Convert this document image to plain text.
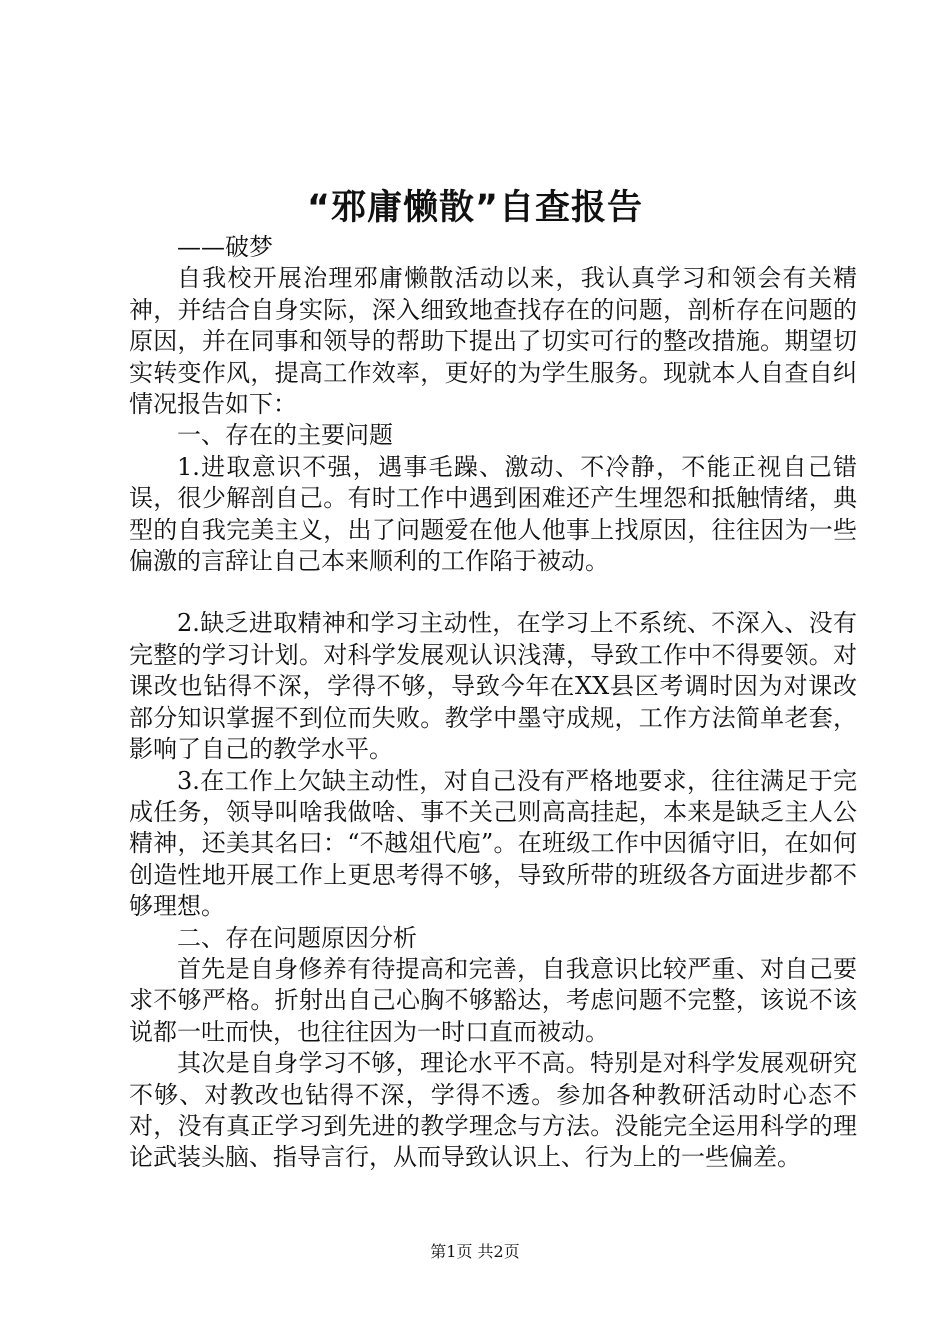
“邪庸懒散”自查报告

——破梦

自我校开展治理邪庸懒散活动以来，我认真学习和领会有关精神，并结合自身实际，深入细致地查找存在的问题，剖析存在问题的原因，并在同事和领导的帮助下提出了切实可行的整改措施。期望切实转变作风，提高工作效率，更好的为学生服务。现就本人自查自纠情况报告如下：

一、存在的主要问题

1.进取意识不强，遇事毛躁、激动、不冷静，不能正视自己错误，很少解剖自己。有时工作中遇到困难还产生埋怨和抵触情绪，典型的自我完美主义，出了问题爱在他人他事上找原因，往往因为一些偏激的言辞让自己本来顺利的工作陷于被动。

2.缺乏进取精神和学习主动性，在学习上不系统、不深入、没有完整的学习计划。对科学发展观认识浅薄，导致工作中不得要领。对课改也钻得不深，学得不够，导致今年在XX县区考调时因为对课改部分知识掌握不到位而失败。教学中墨守成规，工作方法简单老套，影响了自己的教学水平。

3.在工作上欠缺主动性，对自己没有严格地要求，往往满足于完成任务，领导叫啥我做啥、事不关己则高高挂起，本来是缺乏主人公精神，还美其名曰：“不越俎代庖”。在班级工作中因循守旧，在如何创造性地开展工作上更思考得不够，导致所带的班级各方面进步都不够理想。

二、存在问题原因分析

首先是自身修养有待提高和完善，自我意识比较严重、对自己要求不够严格。折射出自己心胸不够豁达，考虑问题不完整，该说不该说都一吐而快，也往往因为一时口直而被动。

其次是自身学习不够，理论水平不高。特别是对科学发展观研究不够、对教改也钻得不深，学得不透。参加各种教研活动时心态不对，没有真正学习到先进的教学理念与方法。没能完全运用科学的理论武装头脑、指导言行，从而导致认识上、行为上的一些偏差。

第1页 共2页
